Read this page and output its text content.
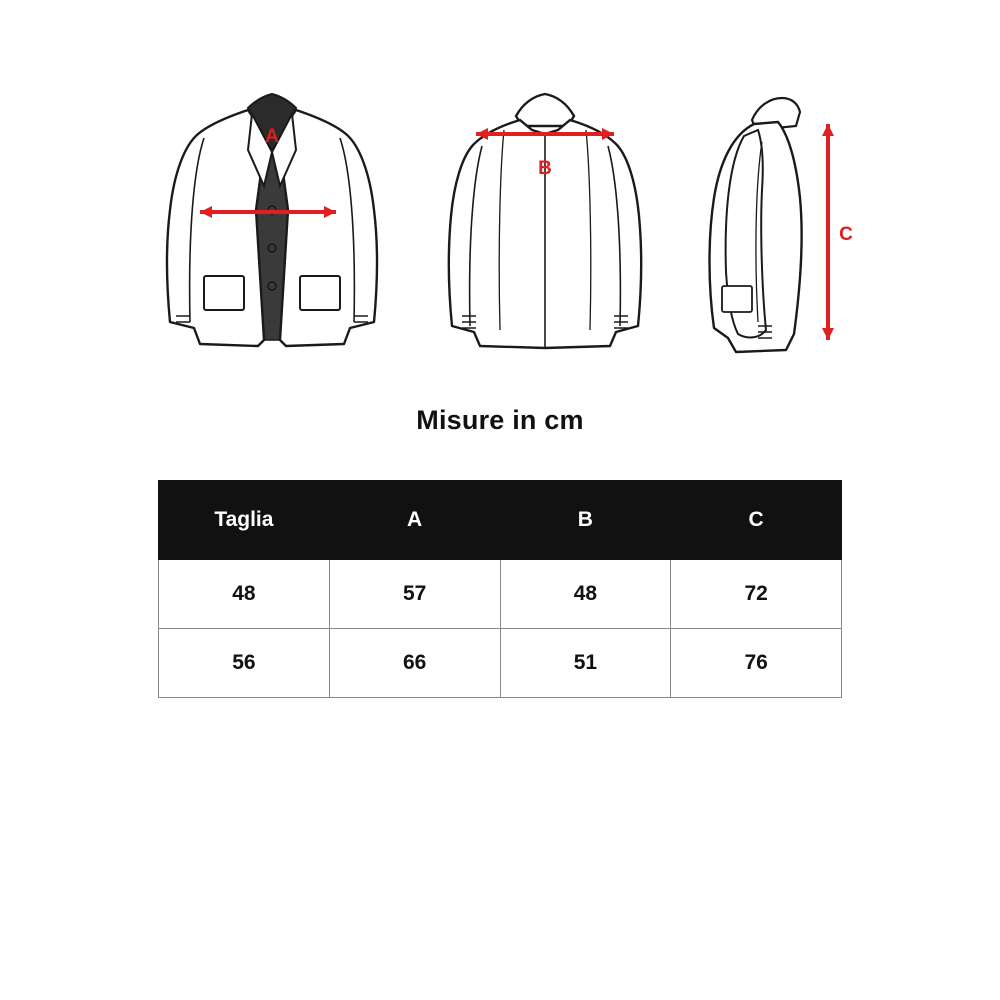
A
B
C
Misure in cm
Taglia	A	B	C
48	57	48	72
56	66	51	76
